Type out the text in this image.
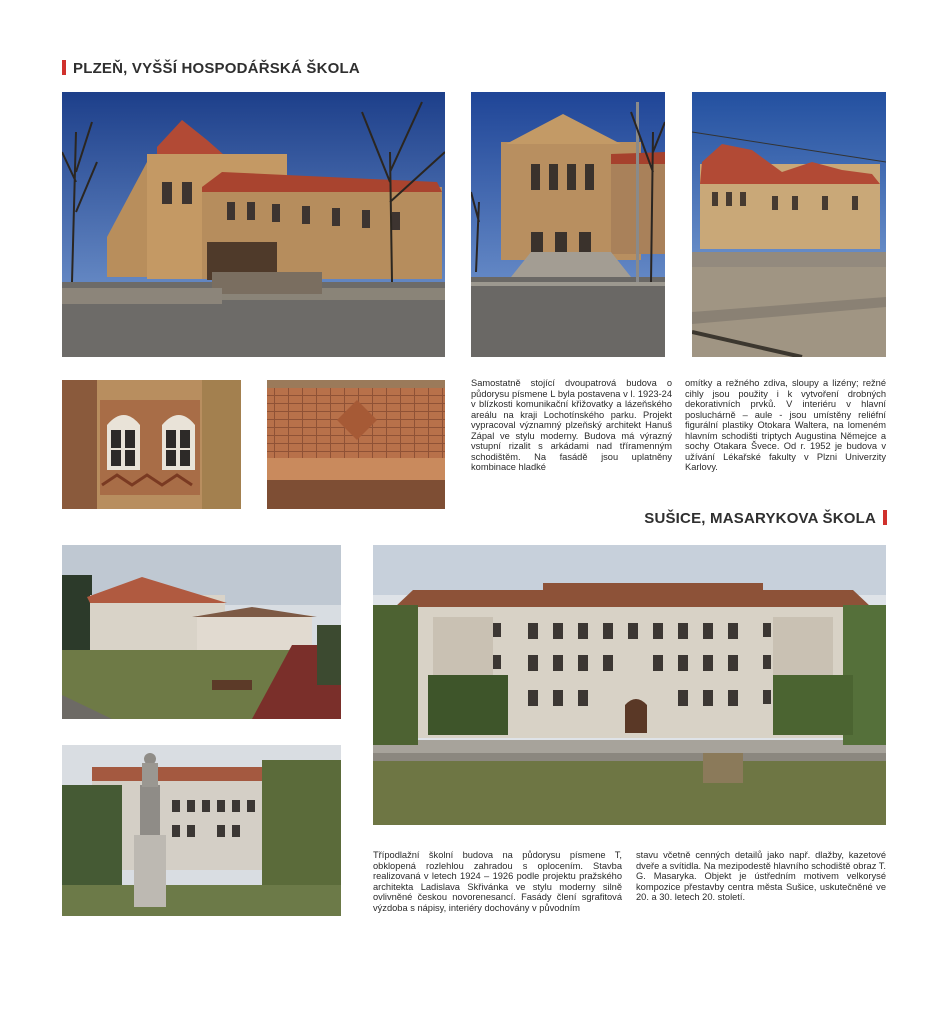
PLZEŇ, VYŠŠÍ HOSPODÁŘSKÁ ŠKOLA

Samostatně stojící dvoupatrová budova o půdorysu písmene L byla postavena v l. 1923-24 v blízkosti komunikační křižovatky a lázeňského areálu na kraji Lochotínského parku. Projekt vypracoval významný plzeňský architekt Hanuš Zápal ve stylu moderny. Budova má výrazný vstupní rizalit s arkádami nad tříramenným schodištěm. Na fasádě jsou uplatněny kombinace hladké

omítky a režného zdiva, sloupy a lizény; režné cihly jsou použity i k vytvoření drobných dekorativních prvků. V interiéru v hlavní posluchárně – aule - jsou umístěny reliéfní figurální plastiky Otokara Waltera, na lomeném hlavním schodišti triptych Augustina Němejce a sochy Otakara Švece. Od r. 1952 je budova v užívání Lékařské fakulty v Plzni Univerzity Karlovy.

SUŠICE, MASARYKOVA ŠKOLA

Třípodlažní školní budova na půdorysu písmene T, obklopená rozlehlou zahradou s oplocením. Stavba realizovaná v letech 1924 – 1926 podle projektu pražského architekta Ladislava Skřivánka ve stylu moderny silně ovlivněné českou novorenesancí. Fasády člení sgrafitová výzdoba s nápisy, interiéry dochovány v původním

stavu včetně cenných detailů jako např. dlažby, kazetové dveře a svítidla. Na mezipodestě hlavního schodiště obraz T. G. Masaryka. Objekt je ústředním motivem velkorysé kompozice přestavby centra města Sušice, uskutečněné ve 20. a 30. letech 20. století.
